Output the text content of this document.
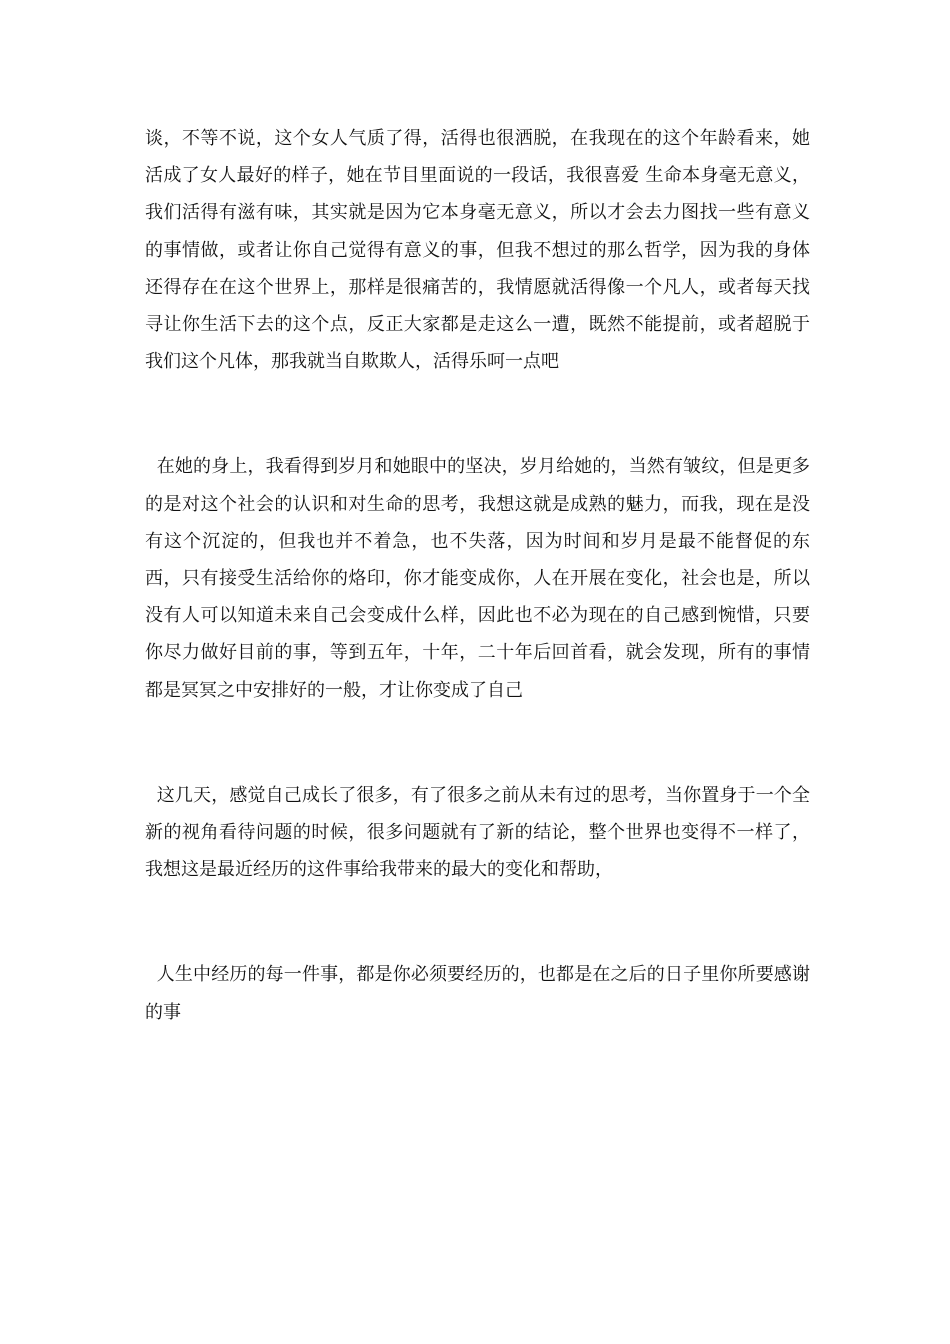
谈，不等不说，这个女人气质了得，活得也很洒脱，在我现在的这个年龄看来，她活成了女人最好的样子，她在节目里面说的一段话，我很喜爱 生命本身毫无意义，我们活得有滋有味，其实就是因为它本身毫无意义，所以才会去力图找一些有意义的事情做，或者让你自己觉得有意义的事，但我不想过的那么哲学，因为我的身体还得存在在这个世界上，那样是很痛苦的，我情愿就活得像一个凡人，或者每天找寻让你生活下去的这个点，反正大家都是走这么一遭，既然不能提前，或者超脱于我们这个凡体，那我就当自欺欺人，活得乐呵一点吧

在她的身上，我看得到岁月和她眼中的坚决，岁月给她的，当然有皱纹，但是更多的是对这个社会的认识和对生命的思考，我想这就是成熟的魅力，而我，现在是没有这个沉淀的，但我也并不着急，也不失落，因为时间和岁月是最不能督促的东西，只有接受生活给你的烙印，你才能变成你，人在开展在变化，社会也是，所以没有人可以知道未来自己会变成什么样，因此也不必为现在的自己感到惋惜，只要你尽力做好目前的事，等到五年，十年，二十年后回首看，就会发现，所有的事情都是冥冥之中安排好的一般，才让你变成了自己

这几天，感觉自己成长了很多，有了很多之前从未有过的思考，当你置身于一个全新的视角看待问题的时候，很多问题就有了新的结论，整个世界也变得不一样了，我想这是最近经历的这件事给我带来的最大的变化和帮助，

人生中经历的每一件事，都是你必须要经历的，也都是在之后的日子里你所要感谢的事
